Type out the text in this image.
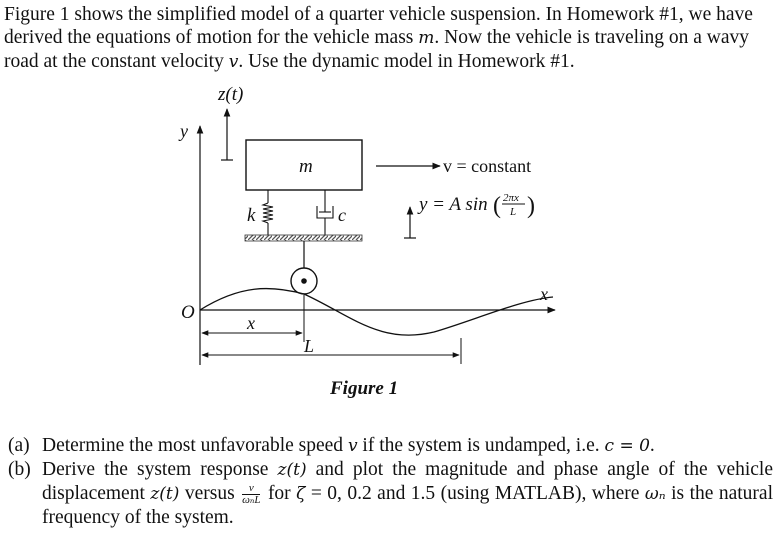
Figure 1 shows the simplified model of a quarter vehicle suspension. In Homework #1, we have derived the equations of motion for the vehicle mass m. Now the vehicle is traveling on a wavy road at the constant velocity v. Use the dynamic model in Homework #1.

z(t)
y
m	v = constant
k	c	y = A sin ( 2πx
L )
x
O	x
L

Figure 1

(a) Determine the most unfavorable speed v if the system is undamped, i.e. c = 0.
(b) Derive the system response z(t) and plot the magnitude and phase angle of the vehicle displacement z(t) versus $\frac{v}{\text{ωₙL}}$ for ζ = 0, 0.2 and 1.5 (using MATLAB), where ωₙ is the natural frequency of the system.
